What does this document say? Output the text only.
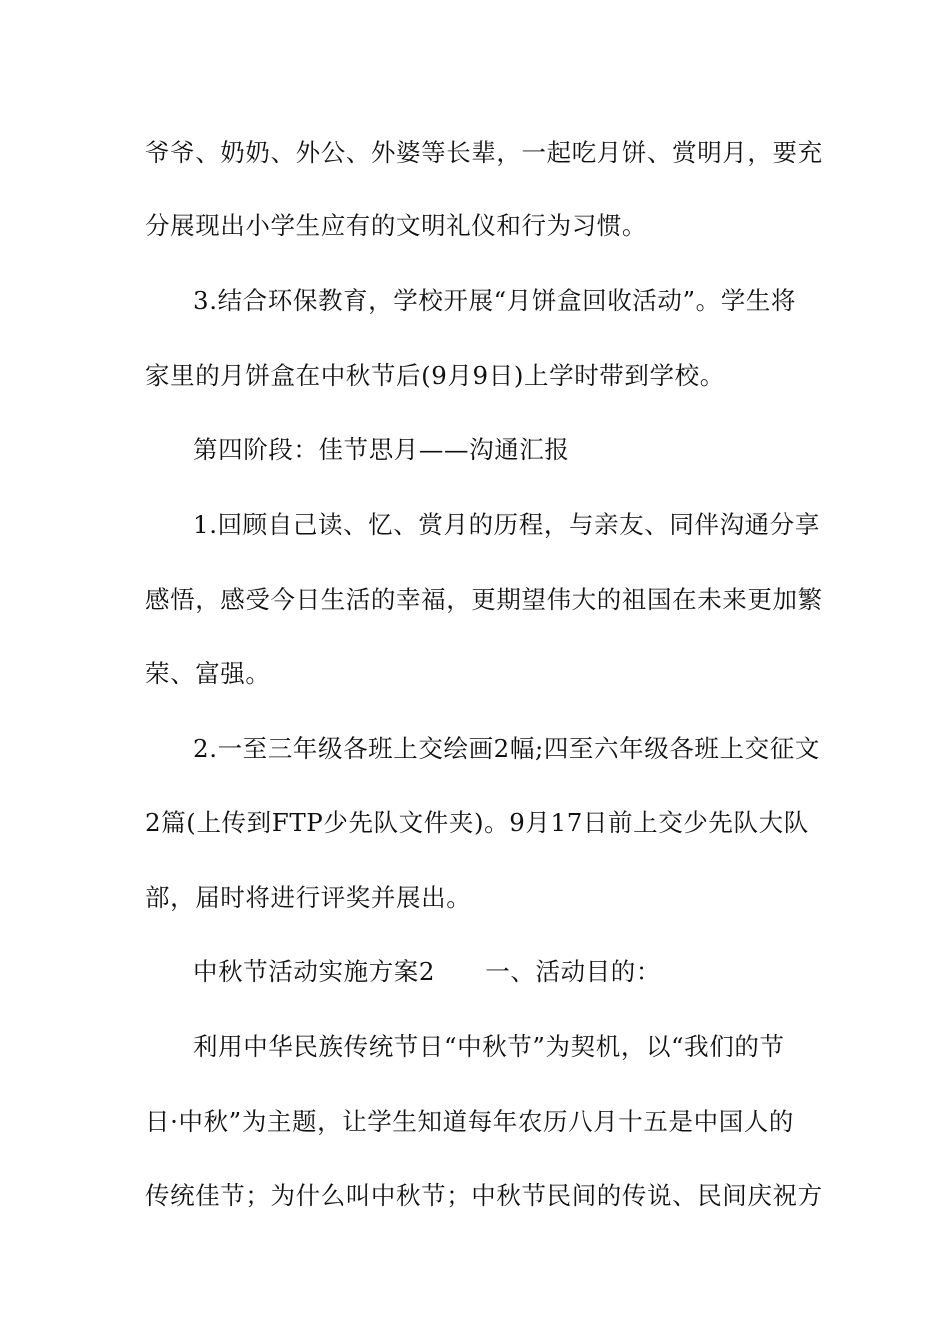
爷爷、奶奶、外公、外婆等长辈，一起吃月饼、赏明月，要充
分展现出小学生应有的文明礼仪和行为习惯。
3.结合环保教育，学校开展“月饼盒回收活动”。学生将
家里的月饼盒在中秋节后(9月9日)上学时带到学校。
第四阶段：佳节思月——沟通汇报
1.回顾自己读、忆、赏月的历程，与亲友、同伴沟通分享
感悟，感受今日生活的幸福，更期望伟大的祖国在未来更加繁
荣、富强。
2.一至三年级各班上交绘画2幅;四至六年级各班上交征文
2篇(上传到FTP少先队文件夹)。9月17日前上交少先队大队
部，届时将进行评奖并展出。
中秋节活动实施方案2　　一、活动目的：
利用中华民族传统节日“中秋节”为契机，以“我们的节
日·中秋”为主题，让学生知道每年农历八月十五是中国人的
传统佳节；为什么叫中秋节；中秋节民间的传说、民间庆祝方
